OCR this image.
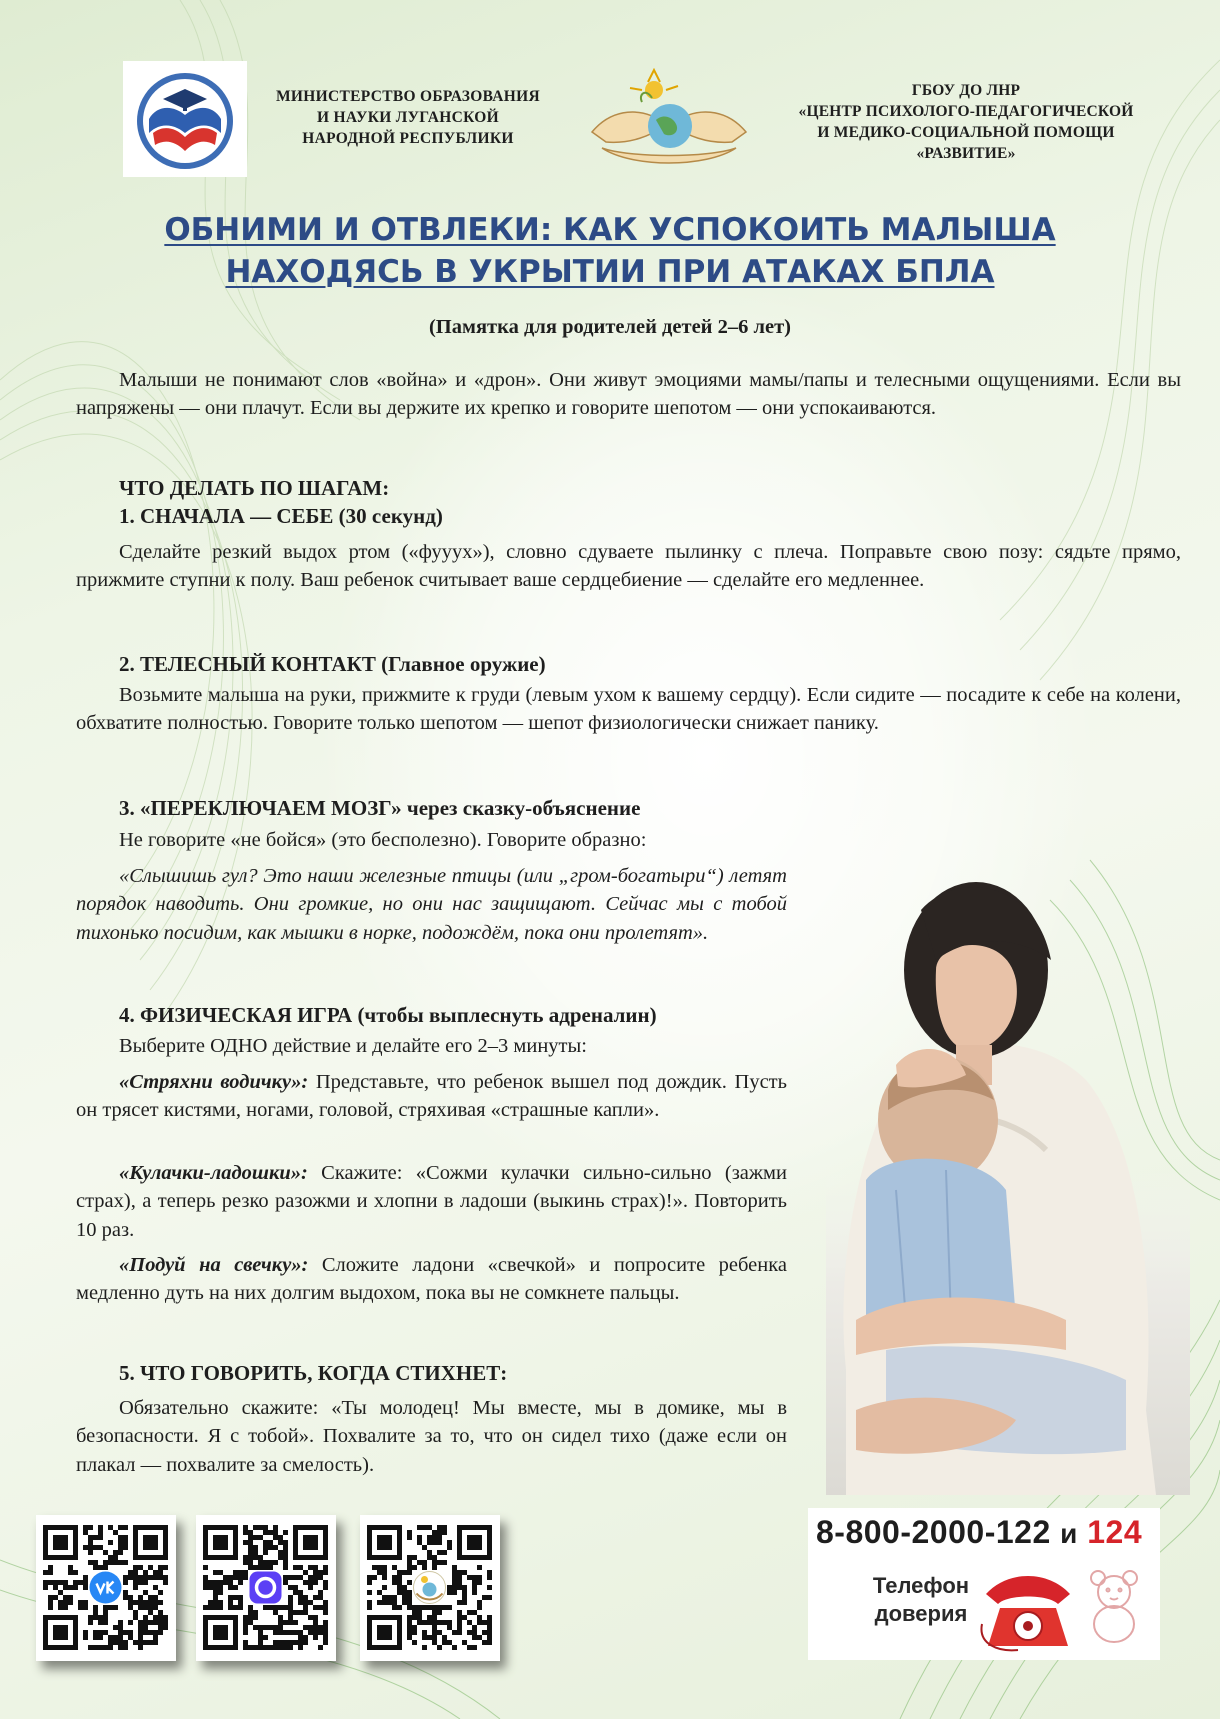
МИНИСТЕРСТВО ОБРАЗОВАНИЯ
И НАУКИ ЛУГАНСКОЙ
НАРОДНОЙ РЕСПУБЛИКИ
ГБОУ ДО ЛНР
«ЦЕНТР ПСИХОЛОГО-ПЕДАГОГИЧЕСКОЙ
И МЕДИКО-СОЦИАЛЬНОЙ ПОМОЩИ
«РАЗВИТИЕ»
ОБНИМИ И ОТВЛЕКИ: КАК УСПОКОИТЬ МАЛЫША
НАХОДЯСЬ В УКРЫТИИ ПРИ АТАКАХ БПЛА
(Памятка для родителей детей 2–6 лет)
Малыши не понимают слов «война» и «дрон». Они живут эмоциями мамы/папы и телесными ощущениями. Если вы напряжены — они плачут. Если вы держите их крепко и говорите шепотом — они успокаиваются.
ЧТО ДЕЛАТЬ ПО ШАГАМ:
1. СНАЧАЛА — СЕБЕ (30 секунд)
Сделайте резкий выдох ртом («фууух»), словно сдуваете пылинку с плеча. Поправьте свою позу: сядьте прямо, прижмите ступни к полу. Ваш ребенок считывает ваше сердцебиение — сделайте его медленнее.
2. ТЕЛЕСНЫЙ КОНТАКТ (Главное оружие)
Возьмите малыша на руки, прижмите к груди (левым ухом к вашему сердцу). Если сидите — посадите к себе на колени, обхватите полностью. Говорите только шепотом — шепот физиологически снижает панику.
3. «ПЕРЕКЛЮЧАЕМ МОЗГ» через сказку-объяснение
Не говорите «не бойся» (это бесполезно). Говорите образно:
«Слышишь гул? Это наши железные птицы (или „гром-богатыри“) летят порядок наводить. Они громкие, но они нас защищают. Сейчас мы с тобой тихонько посидим, как мышки в норке, подождём, пока они пролетят».
4. ФИЗИЧЕСКАЯ ИГРА (чтобы выплеснуть адреналин)
Выберите ОДНО действие и делайте его 2–3 минуты:
«Стряхни водичку»: Представьте, что ребенок вышел под дождик. Пусть он трясет кистями, ногами, головой, стряхивая «страшные капли».
«Кулачки-ладошки»: Скажите: «Сожми кулачки сильно-сильно (зажми страх), а теперь резко разожми и хлопни в ладоши (выкинь страх)!». Повторить 10 раз.
«Подуй на свечку»: Сложите ладони «свечкой» и попросите ребенка медленно дуть на них долгим выдохом, пока вы не сомкнете пальцы.
5. ЧТО ГОВОРИТЬ, КОГДА СТИХНЕТ:
Обязательно скажите: «Ты молодец! Мы вместе, мы в домике, мы в безопасности. Я с тобой». Похвалите за то, что он сидел тихо (даже если он плакал — похвалите за смелость).
8-800-2000-122 и 124
Телефон
доверия
